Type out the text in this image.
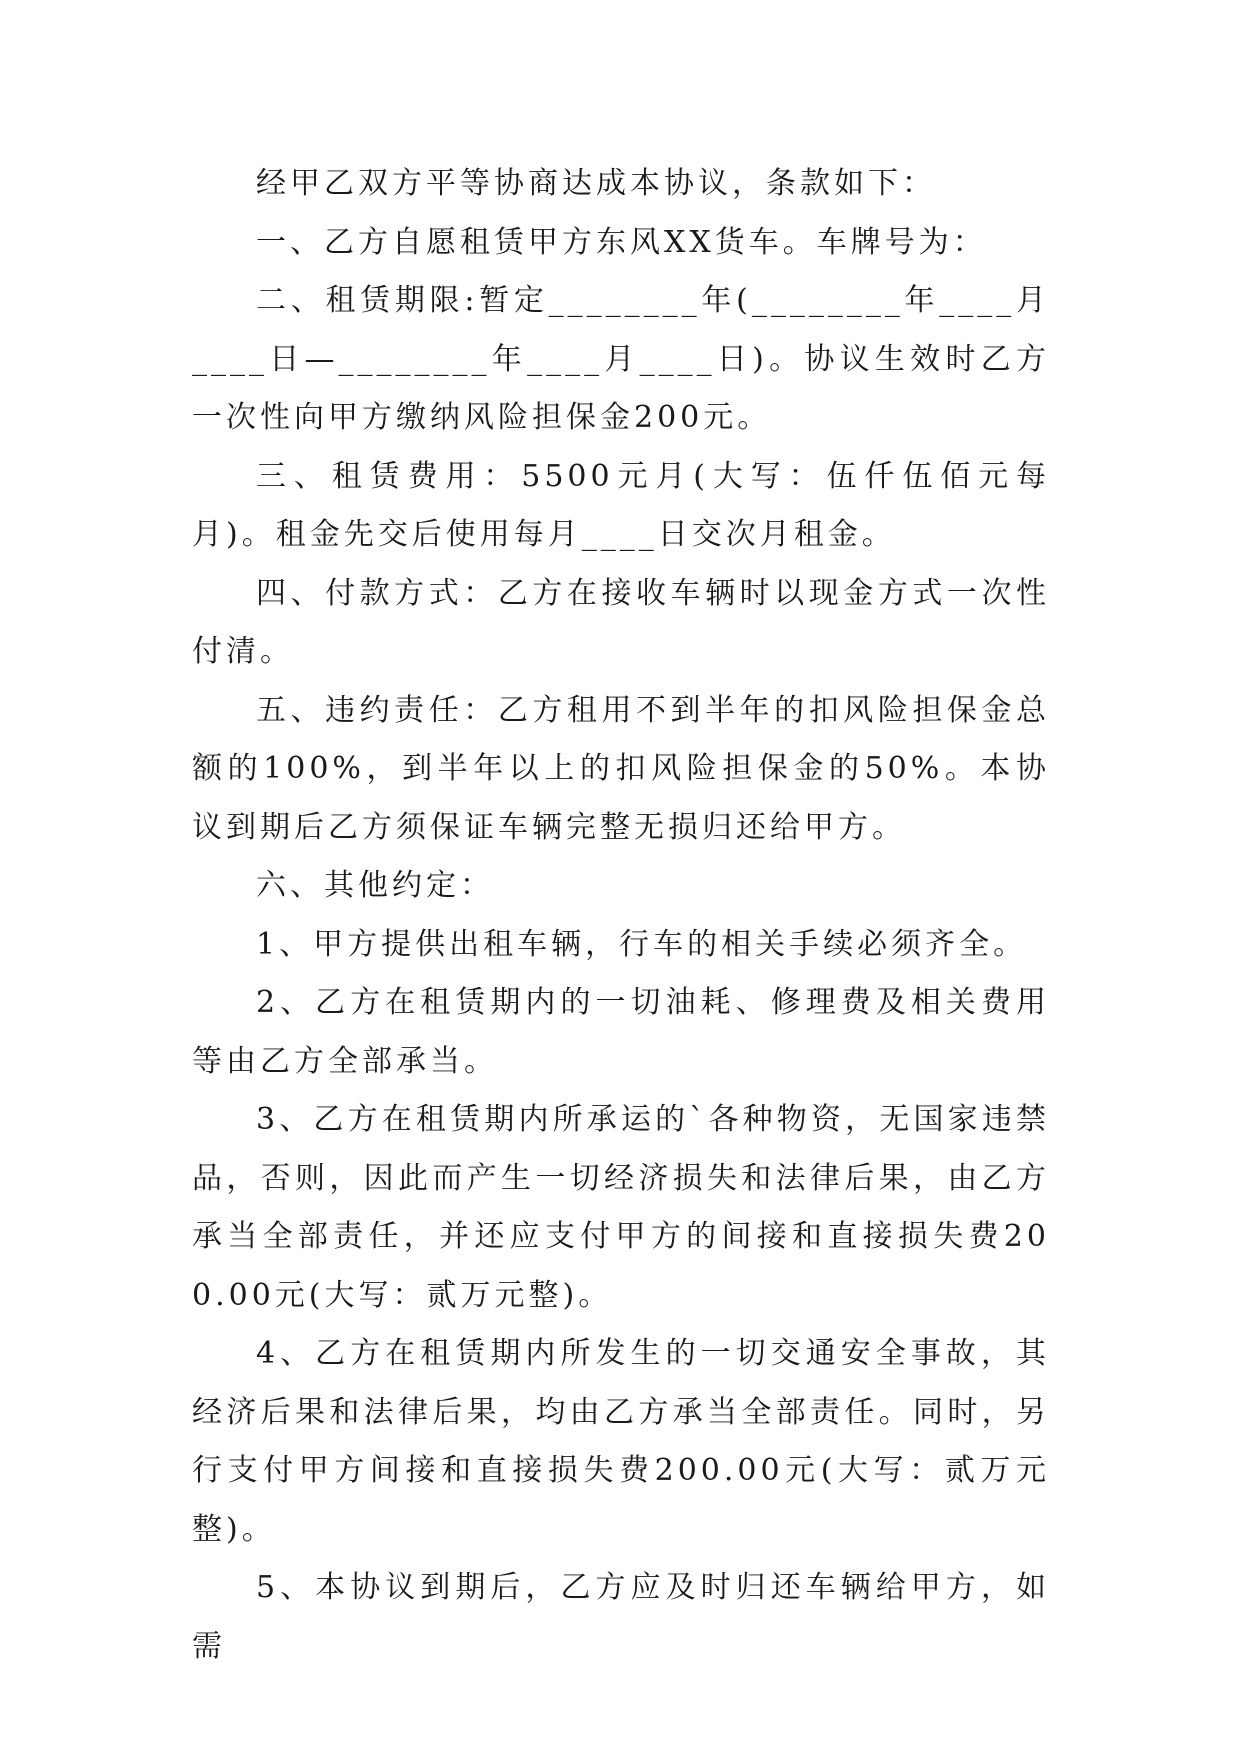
经甲乙双方平等协商达成本协议，条款如下：

一、乙方自愿租赁甲方东风XX货车。车牌号为：

二、租赁期限:暂定________年(________年____月____日—________年____月____日)。协议生效时乙方一次性向甲方缴纳风险担保金200元。

三、租赁费用：5500元月(大写：伍仟伍佰元每月)。租金先交后使用每月____日交次月租金。

四、付款方式：乙方在接收车辆时以现金方式一次性付清。

五、违约责任：乙方租用不到半年的扣风险担保金总额的100%，到半年以上的扣风险担保金的50%。本协议到期后乙方须保证车辆完整无损归还给甲方。

六、其他约定：

1、甲方提供出租车辆，行车的相关手续必须齐全。

2、乙方在租赁期内的一切油耗、修理费及相关费用等由乙方全部承当。

3、乙方在租赁期内所承运的`各种物资，无国家违禁品，否则，因此而产生一切经济损失和法律后果，由乙方承当全部责任，并还应支付甲方的间接和直接损失费200.00元(大写：贰万元整)。

4、乙方在租赁期内所发生的一切交通安全事故，其经济后果和法律后果，均由乙方承当全部责任。同时，另行支付甲方间接和直接损失费200.00元(大写：贰万元整)。

5、本协议到期后，乙方应及时归还车辆给甲方，如需
